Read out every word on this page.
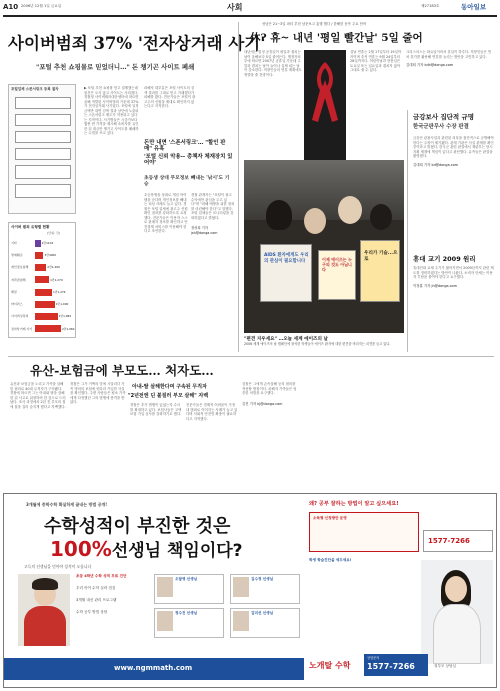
A10 2006년 12월 1일 금요일	사회	제27183호	동아일보
사이버범죄 37% '전자상거래 사기'
"포털 추천 쇼핑몰로 믿었더니…" 돈 챙기곤 사이트 폐쇄
포털업체 스폰서링크 등록 절차
사이버 범죄 유형별 현황
(단위: 건)
기타	1만1104
명예훼손	3만4000
개인정보침해	2만1,260
저작권침해	1만1,279
해킹	1만1,276
바이러스	1만1,000
사이버성폭력	1만1,084
전자상거래 사기	2만1,084
▶ 포털 추천 쇼핑몰 믿고 결제했는데 물건은 오지 않고 사이트는 사라졌다. 경찰청 사이버테러대응센터에 따르면 올해 적발된 사이버범죄 가운데 37%가 전자상거래 사기였다. 포털에 일정 금액만 내면 검색 결과 상단에 노출되는 스폰서링크 제도가 악용되고 있다는 지적이다. 사기범들은 시중가보다 훨씬 싼 가격을 제시해 소비자를 유인한 뒤 대금만 챙기고 사이트를 폐쇄하는 수법을 쓰고 있다.
피해자 대부분은 포털 사이트의 검색 결과를 그대로 믿고 거래했다가 피해를 봤다. 전문가들은 포털이 광고주의 신원을 제대로 확인하지 않는다고 지적한다.
돈만 내면 '스폰서링크'… "할인 판매" 유혹
'포털 신뢰 악용-- 총책자 체재장치 있어야'
초등생 상대 무모정보 빼내는 '낚시'도 기승
초등학생을 상대로 게임 아이템을 준다며 개인정보를 빼내는 피싱 사례도 늘고 있다. 경찰은 포털 업체에 광고주 신원 확인 절차를 강화하도록 요청했다. 전문가들은 이용자 스스로 판매자 정보를 확인하고 안전결제 서비스를 이용해야 한다고 조언한다.
경찰 관계자는 "포털이 광고 수익에만 관심을 두고 있다"며 "피해 예방을 위한 장치를 마련해야 한다"고 말했다. 포털 업체들은 모니터링을 강화하겠다고 밝혔다.
정성희 기자 jsh@donga.com
성남은 21~3일 파티 부천 남문보고 흥행 했다 / 한해한 동목 주요 단어
休? 휴~ 내년 '평일 빨간날' 5일 줄어
내년에는 법정 공휴일이 평일과 겹치는 날이 올해보다 5일 줄어든다. 행정자치부에 따르면 2007년 공휴일 가운데 주말과 겹치는 날이 늘어나 실제 쉬는 날이 감소한다. 직장인들의 연휴 계획에도 영향을 줄 전망이다.
설날 연휴는 2월 17일부터 19일까지이며 추석 연휴는 9월 24일부터 26일까지다. 어린이날과 현충일은 토요일 또는 일요일과 겹치지 않아 그대로 쉴 수 있다.
크리스마스는 화요일이어서 휴일이 하루다. 직장인들은 연차 휴가를 활용해 연휴를 늘리는 방안을 고민하고 있다.
김대희 기자 kdh@donga.com
AIDS 환자에게도 우리의 관심이 필요합니다	이제 에이즈는 누구의 것도 아닙니다
우리가 기슬...으로
"편견 지우세요" …오늘 세계 에이즈의 날
2006 세계 에이즈의 날 캠페인에 참석한 학생들이 에이즈 환자에 대한 편견을 버리자는 피켓을 들고 있다.
금강보사 집단적 규명
한국군판무사 수장 판결
금강산 관광사업과 관련된 의혹을 집단적으로 규명해야 한다는 주장이 제기됐다. 관계 기관은 사실 관계를 확인 중이라고 밝혔다. 한국군 관련 판결에서 재판부는 당시 지휘 체계에 책임이 있다고 판단했다. 유족들은 판결을 환영했다.
김대희 기자 kd@donga.com
휴대 교기 2009 원리
휴대전화 교체 주기가 짧아지면서 2009년까지 관련 제도를 정비하겠다는 방안이 나왔다. 소비자 단체는 이용자 부담을 줄여야 한다고 요구했다.
이정훈 기자 jh@donga.com
유산-보험금에 부모도… 처자도…
유산과 보험금을 노리고 가족을 살해한 혐의로 40대 무직자가 구속됐다. 경찰에 따르면 그는 아내와 딸을 살해한 뒤 사고로 위장하려 한 것으로 드러났다. 조사 과정에서 2년 전 부모의 집에 불을 질러 숨지게 했다고 자백했다.
경찰은 그가 거액의 빚에 시달리다 가족 명의의 보험에 잇따라 가입한 사실을 확인했다. 주변 사람들은 평소 가족에게 다정했던 그의 범행에 충격을 받았다.
아내-딸 살해한다며 구속된 무직자
"2년전엔 딘 불질러 부모 살해" 자백
경찰은 추가 범행이 있었는지 수사를 확대하고 있다. 보험사들은 고액 보험 가입 심사를 강화하기로 했다.
전문가들은 경제적 어려움이 가정 내 범죄로 이어지는 사례가 늘고 있다며 사회적 안전망 확충이 필요하다고 지적했다.
검찰은 그에게 존속살해 등의 혐의를 적용할 방침이다. 피해자 가족들은 엄중한 처벌을 요구했다.
김진 기자 kj@donga.com
3개월에 증학수학 확실하게 끝내는 방법 공개!
수학성적이 부진한 것은
100%선생님 책임이다?
고득의 선생님을 믿어야 성적이 오릅니다
초등 4학년 수학 성적 무료 진단
우리 아이 수학 실력 점검
3개월 내신 관리 프로그램
수학 공부 방법 상담
오달영 선생님	김수정 선생님
정수진 선생님	김미선 선생님
www.ngmmath.com
왜? 공부 잘하는 방법이 알고 싶으세요!
소독형 신청방안 운영
1577-7266
학생 학습진단을 세우세요!
노개탈 수학
상담문의
1577-7266	청부모 상담실
